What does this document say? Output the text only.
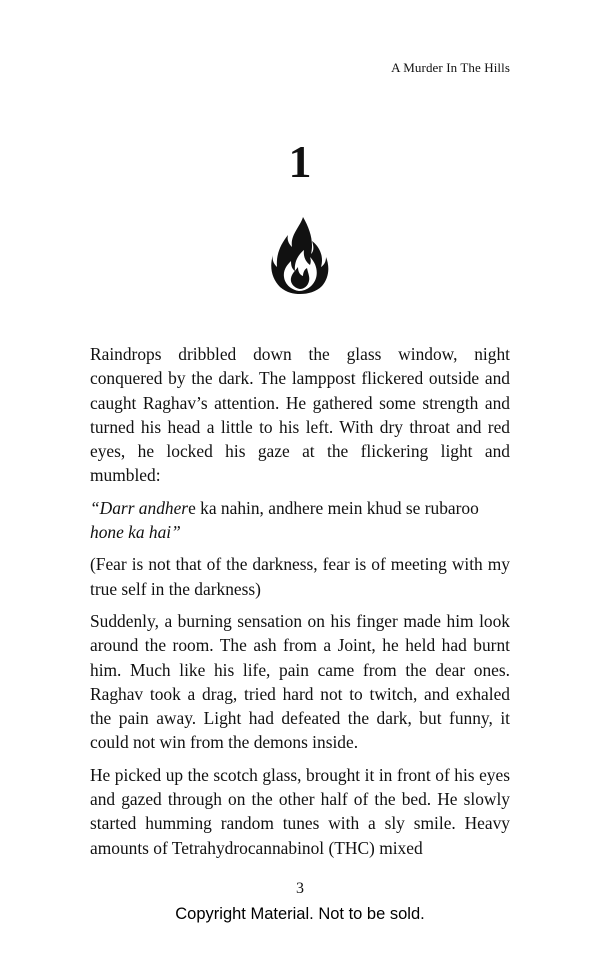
A Murder In The Hills
1

Raindrops dribbled down the glass window, night conquered by the dark. The lamppost flickered outside and caught Raghav’s attention. He gathered some strength and turned his head a little to his left. With dry throat and red eyes, he locked his gaze at the flickering light and mumbled:

“Darr andhere ka nahin, andhere mein khud se rubaroo hone ka hai”

(Fear is not that of the darkness, fear is of meeting with my true self in the darkness)

Suddenly, a burning sensation on his finger made him look around the room. The ash from a Joint, he held had burnt him. Much like his life, pain came from the dear ones. Raghav took a drag, tried hard not to twitch, and exhaled the pain away. Light had defeated the dark, but funny, it could not win from the demons inside.

He picked up the scotch glass, brought it in front of his eyes and gazed through on the other half of the bed. He slowly started humming random tunes with a sly smile. Heavy amounts of Tetrahydrocannabinol (THC) mixed

3
Copyright Material. Not to be sold.
